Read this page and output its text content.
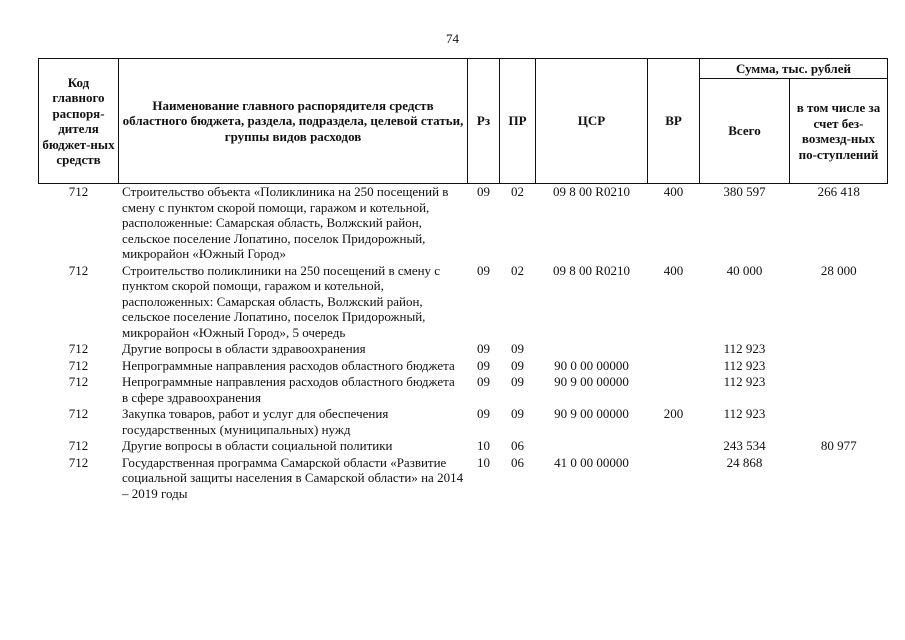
74
Код главного распоря-дителя бюджет-ных средств	Наименование главного распорядителя средств областного бюджета, раздела, подраздела, целевой статьи, группы видов расходов	Рз	ПР	ЦСР	ВР	Сумма, тыс. рублей	
						Всего	в том числе за счет без-возмезд-ных по-ступлений
712	Строительство объекта «Поликлиника на 250 посещений в смену с пунктом скорой помощи, гаражом и котельной, расположенные: Самарская область, Волжский район, сельское поселение Лопатино, поселок Придорожный, микрорайон «Южный Город»	09	02	09 8 00 R0210	400	380 597	266 418
712	Строительство поликлиники на 250 посещений в смену с пунктом скорой помощи, гаражом и котельной, расположенных: Самарская область, Волжский район, сельское поселение Лопатино, поселок Придорожный, микрорайон «Южный Город», 5 очередь	09	02	09 8 00 R0210	400	40 000	28 000
712	Другие вопросы в области здравоохранения	09	09			112 923	
712	Непрограммные направления расходов областного бюджета	09	09	90 0 00 00000		112 923	
712	Непрограммные направления расходов областного бюджета в сфере здравоохранения	09	09	90 9 00 00000		112 923	
712	Закупка товаров, работ и услуг для обеспечения государственных (муниципальных) нужд	09	09	90 9 00 00000	200	112 923	
712	Другие вопросы в области социальной политики	10	06			243 534	80 977
712	Государственная программа Самарской области «Развитие социальной защиты населения в Самарской области» на 2014 – 2019 годы	10	06	41 0 00 00000		24 868	
